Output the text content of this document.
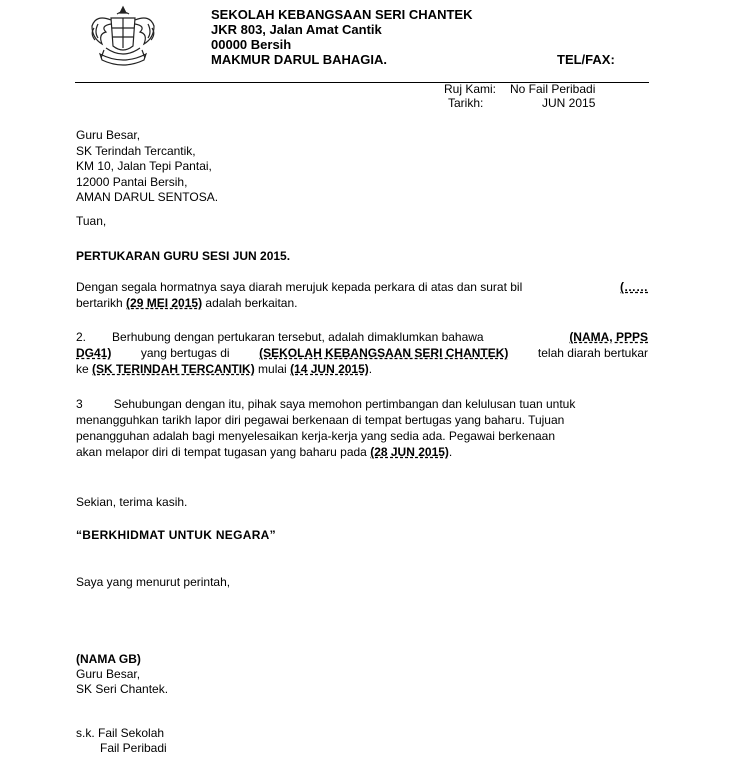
SEKOLAH KEBANGSAAN SERI CHANTEK
JKR 803, Jalan Amat Cantik
00000 Bersih
MAKMUR DARUL BAHAGIA.	TEL/FAX:
Ruj Kami: No Fail Peribadi
Tarikh:	JUN 2015
Guru Besar,
SK Terindah Tercantik,
KM 10, Jalan Tepi Pantai,
12000 Pantai Bersih,
AMAN DARUL SENTOSA.
Tuan,
PERTUKARAN GURU SESI JUN 2015.
Dengan segala hormatnya saya diarah merujuk kepada perkara di atas dan surat bil	(……
bertarikh
(29 MEI 2015)
adalah berkaitan.
2. Berhubung dengan pertukaran tersebut, adalah dimaklumkan bahawa	(NAMA, PPPS
DG41) yang bertugas di (SEKOLAH KEBANGSAAN SERI CHANTEK) telah diarah bertukar
ke
(SK TERINDAH TERCANTIK)
mulai
(14 JUN 2015) .
3	Sehubungan dengan itu, pihak saya memohon pertimbangan dan kelulusan tuan untuk
menangguhkan tarikh lapor diri pegawai berkenaan di tempat bertugas yang baharu. Tujuan
penangguhan adalah bagi menyelesaikan kerja-kerja yang sedia ada. Pegawai berkenaan
akan melapor diri di tempat tugasan yang baharu pada
(28 JUN 2015) .
Sekian, terima kasih.
“BERKHIDMAT UNTUK NEGARA”
Saya yang menurut perintah,
(NAMA GB)
Guru Besar,
SK Seri Chantek.
s.k. Fail Sekolah
Fail Peribadi
